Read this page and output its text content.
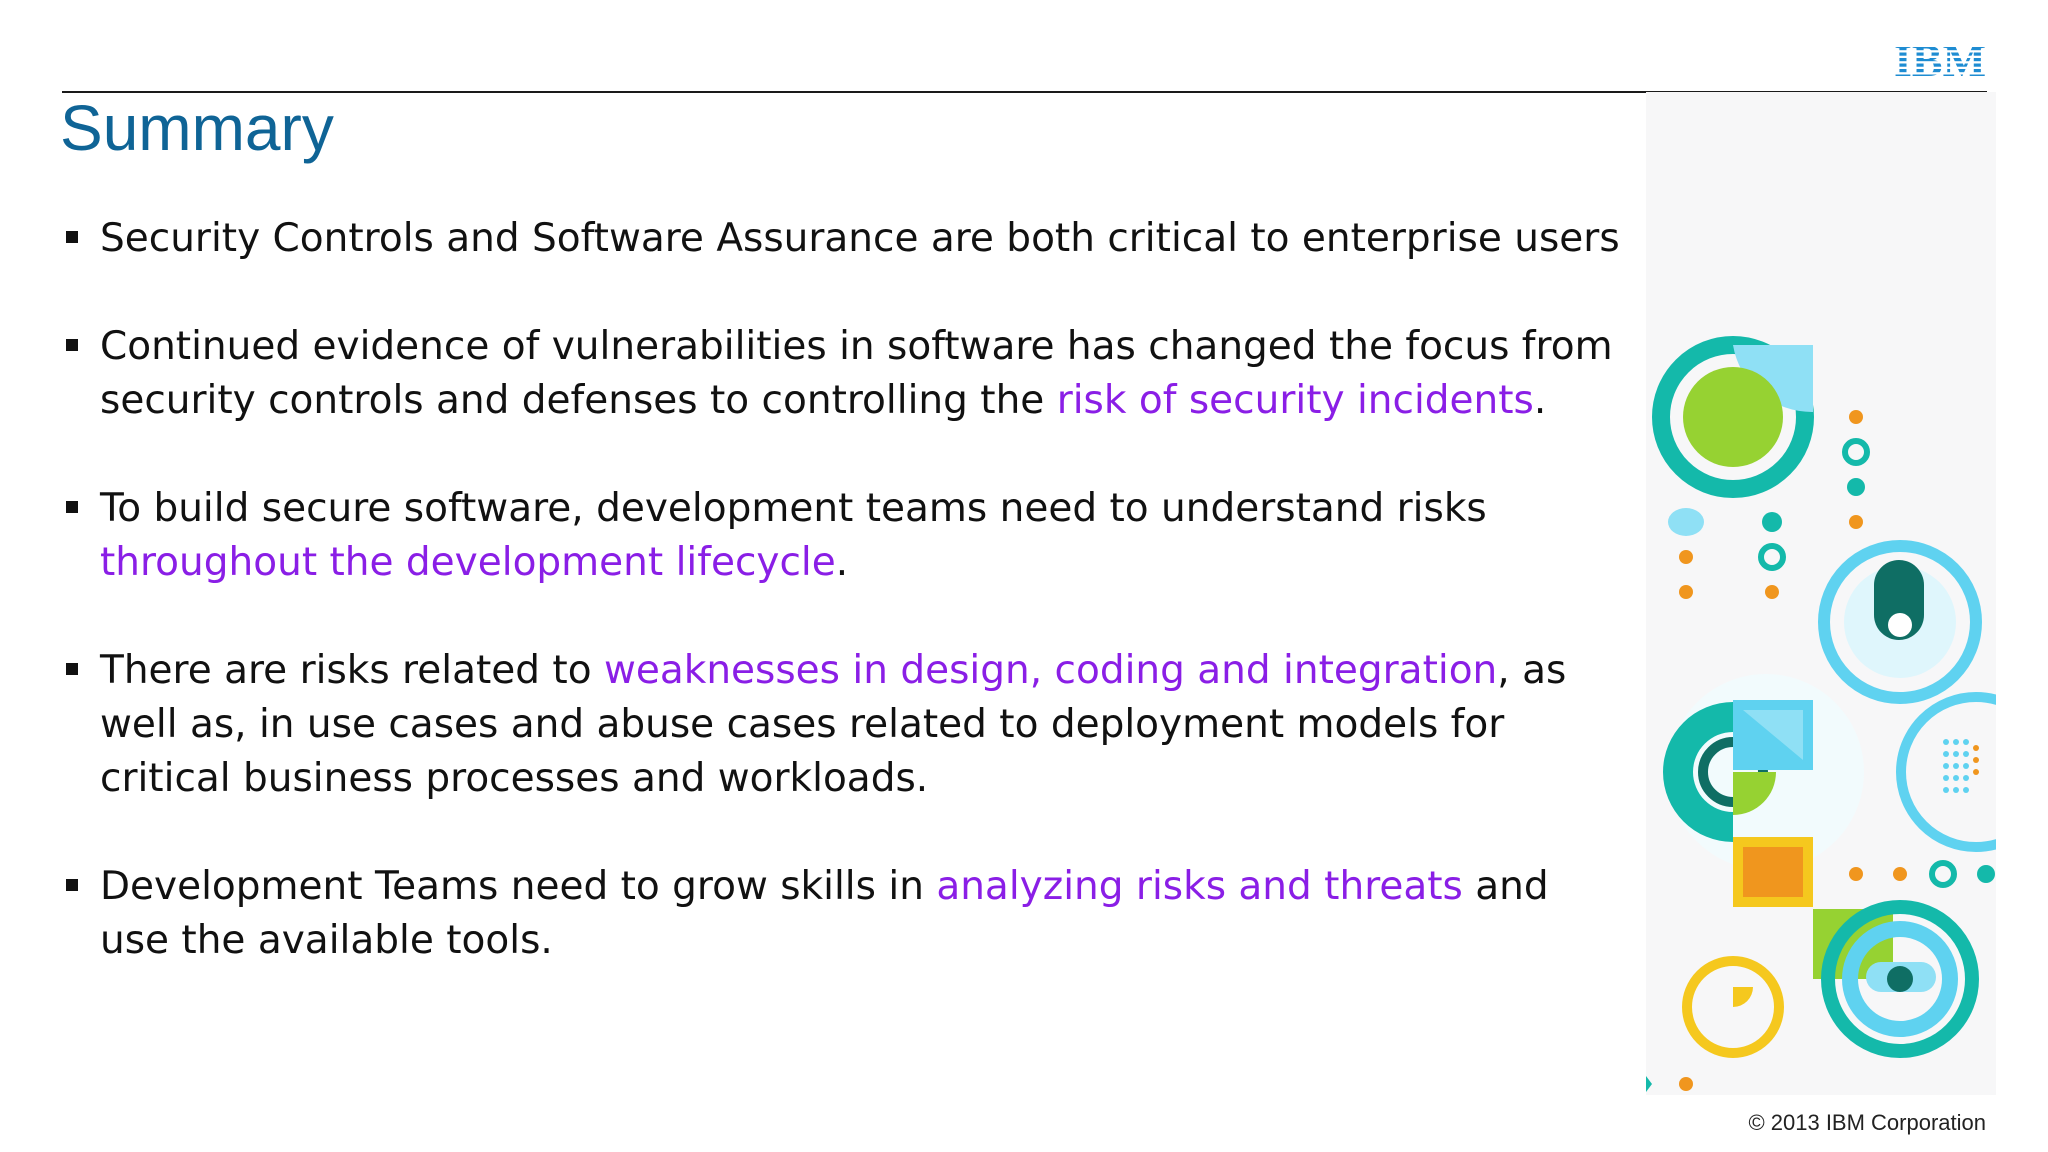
IBM
Summary
Security Controls and Software Assurance are both critical to enterprise users
Continued evidence of vulnerabilities in software has changed the focus from security controls and defenses to controlling the risk of security incidents.
To build secure software, development teams need to understand risks throughout the development lifecycle.
There are risks related to weaknesses in design, coding and integration, as well as, in use cases and abuse cases related to deployment models for critical business processes and workloads.
Development Teams need to grow skills in analyzing risks and threats and use the available tools.
© 2013 IBM Corporation
